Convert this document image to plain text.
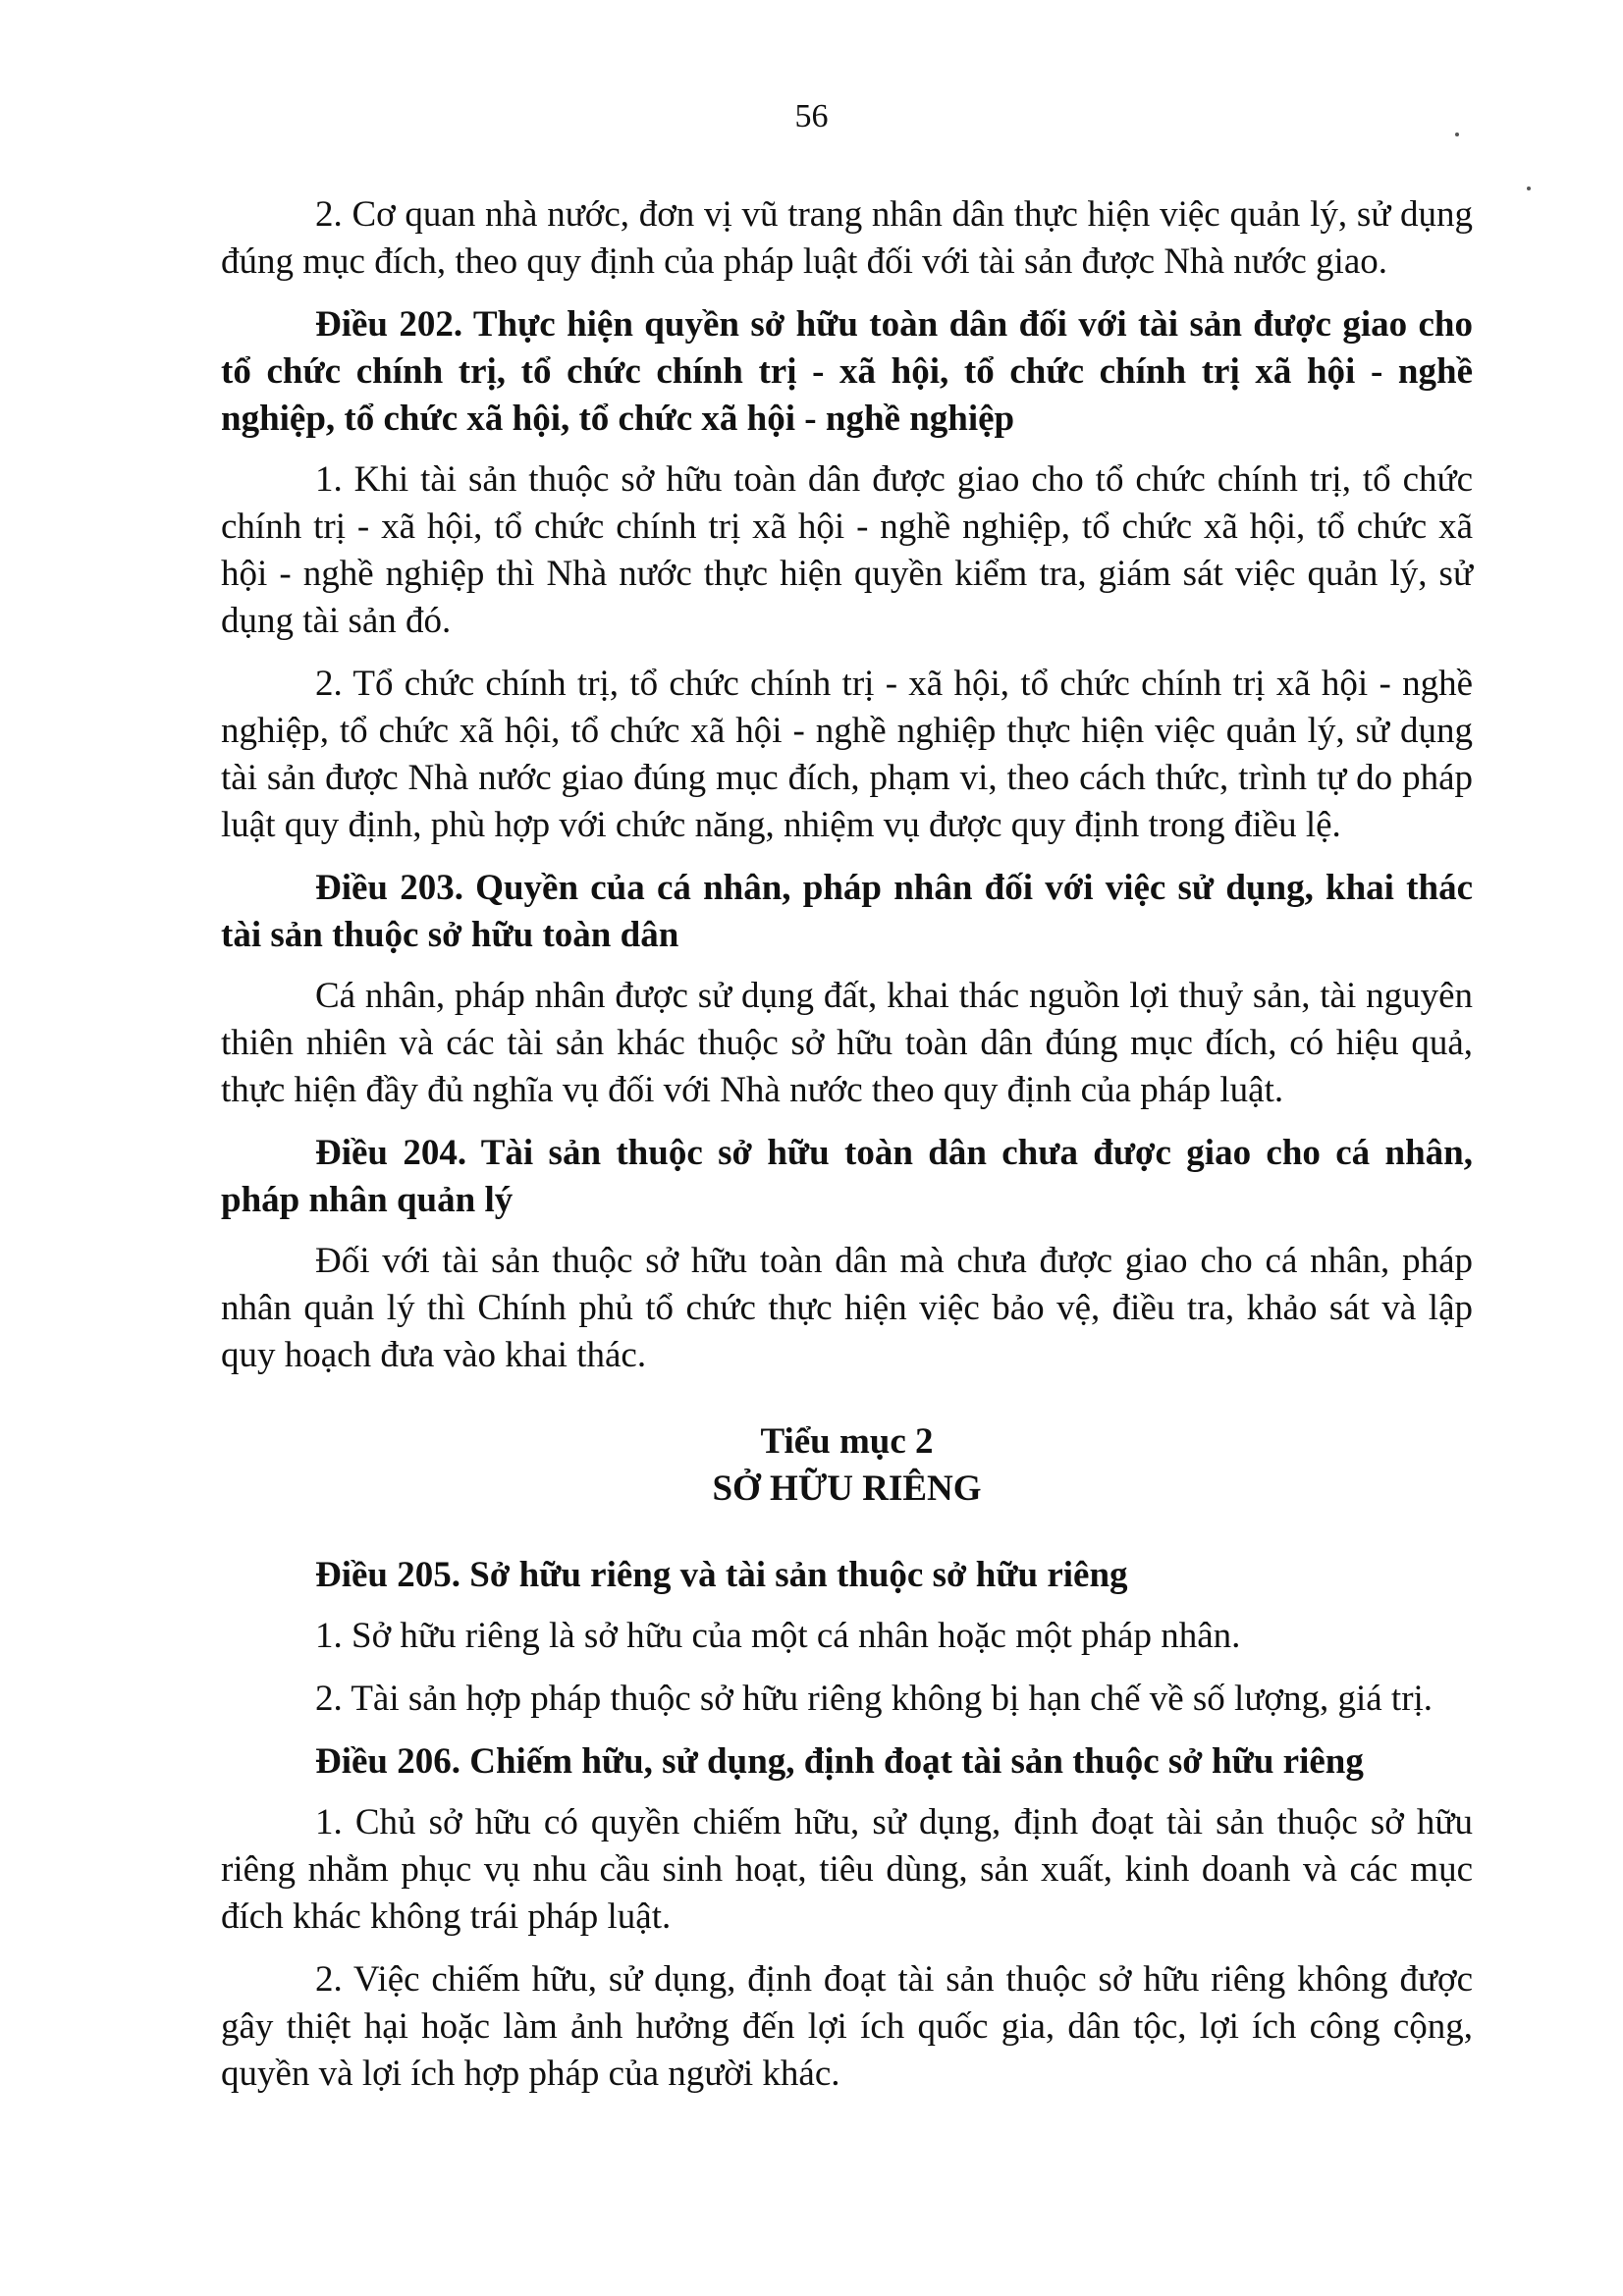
56

2. Cơ quan nhà nước, đơn vị vũ trang nhân dân thực hiện việc quản lý, sử dụng đúng mục đích, theo quy định của pháp luật đối với tài sản được Nhà nước giao.

Điều 202. Thực hiện quyền sở hữu toàn dân đối với tài sản được giao cho tổ chức chính trị, tổ chức chính trị - xã hội, tổ chức chính trị xã hội - nghề nghiệp, tổ chức xã hội, tổ chức xã hội - nghề nghiệp

1. Khi tài sản thuộc sở hữu toàn dân được giao cho tổ chức chính trị, tổ chức chính trị - xã hội, tổ chức chính trị xã hội - nghề nghiệp, tổ chức xã hội, tổ chức xã hội - nghề nghiệp thì Nhà nước thực hiện quyền kiểm tra, giám sát việc quản lý, sử dụng tài sản đó.

2. Tổ chức chính trị, tổ chức chính trị - xã hội, tổ chức chính trị xã hội - nghề nghiệp, tổ chức xã hội, tổ chức xã hội - nghề nghiệp thực hiện việc quản lý, sử dụng tài sản được Nhà nước giao đúng mục đích, phạm vi, theo cách thức, trình tự do pháp luật quy định, phù hợp với chức năng, nhiệm vụ được quy định trong điều lệ.

Điều 203. Quyền của cá nhân, pháp nhân đối với việc sử dụng, khai thác tài sản thuộc sở hữu toàn dân

Cá nhân, pháp nhân được sử dụng đất, khai thác nguồn lợi thuỷ sản, tài nguyên thiên nhiên và các tài sản khác thuộc sở hữu toàn dân đúng mục đích, có hiệu quả, thực hiện đầy đủ nghĩa vụ đối với Nhà nước theo quy định của pháp luật.

Điều 204. Tài sản thuộc sở hữu toàn dân chưa được giao cho cá nhân, pháp nhân quản lý

Đối với tài sản thuộc sở hữu toàn dân mà chưa được giao cho cá nhân, pháp nhân quản lý thì Chính phủ tổ chức thực hiện việc bảo vệ, điều tra, khảo sát và lập quy hoạch đưa vào khai thác.

Tiểu mục 2

SỞ HỮU RIÊNG

Điều 205. Sở hữu riêng và tài sản thuộc sở hữu riêng

1. Sở hữu riêng là sở hữu của một cá nhân hoặc một pháp nhân.

2. Tài sản hợp pháp thuộc sở hữu riêng không bị hạn chế về số lượng, giá trị.

Điều 206. Chiếm hữu, sử dụng, định đoạt tài sản thuộc sở hữu riêng

1. Chủ sở hữu có quyền chiếm hữu, sử dụng, định đoạt tài sản thuộc sở hữu riêng nhằm phục vụ nhu cầu sinh hoạt, tiêu dùng, sản xuất, kinh doanh và các mục đích khác không trái pháp luật.

2. Việc chiếm hữu, sử dụng, định đoạt tài sản thuộc sở hữu riêng không được gây thiệt hại hoặc làm ảnh hưởng đến lợi ích quốc gia, dân tộc, lợi ích công cộng, quyền và lợi ích hợp pháp của người khác.
